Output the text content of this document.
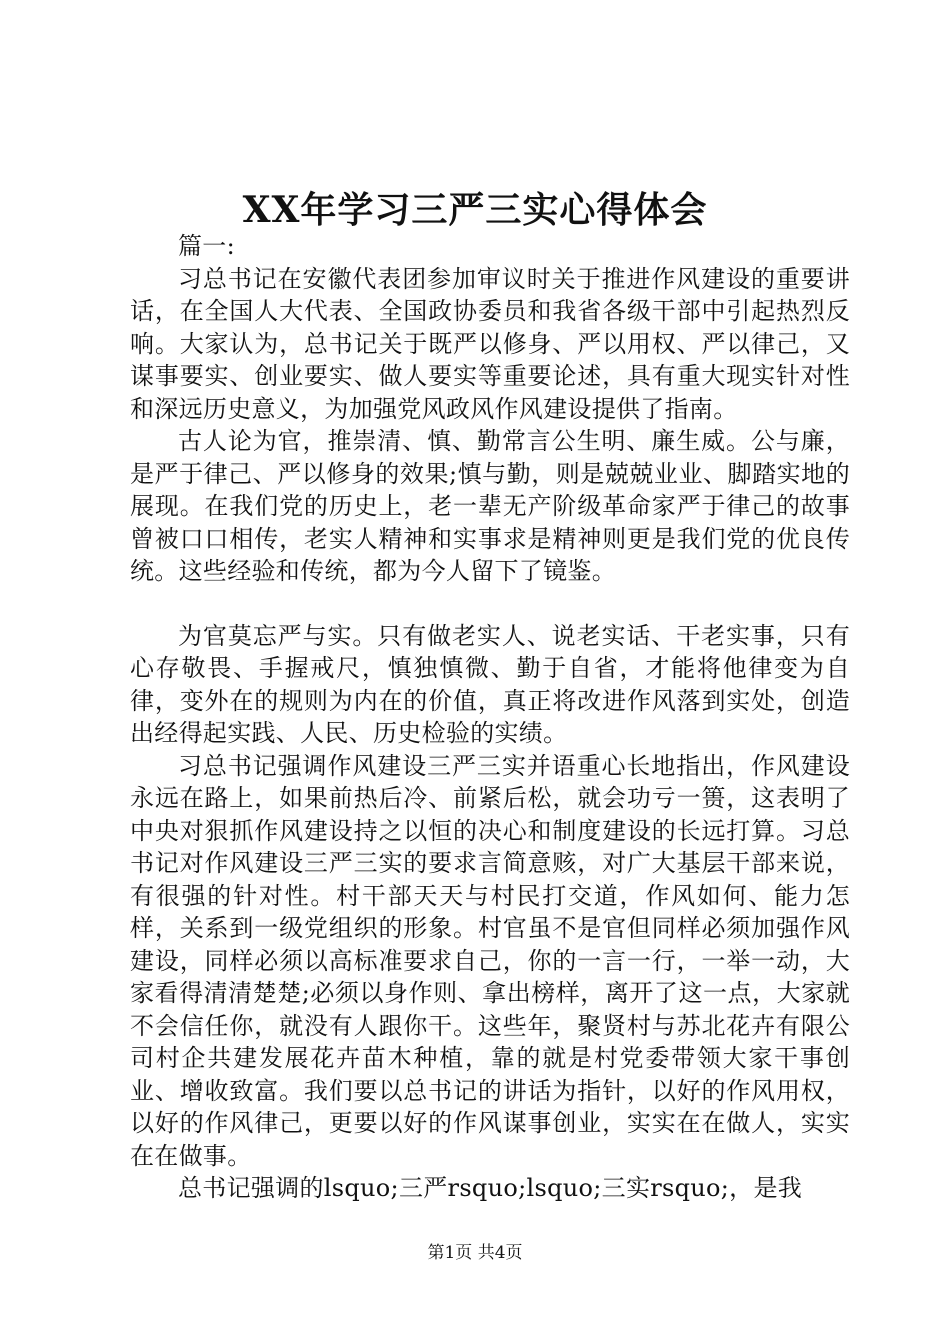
XX年学习三严三实心得体会

篇一:

习总书记在安徽代表团参加审议时关于推进作风建设的重要讲话，在全国人大代表、全国政协委员和我省各级干部中引起热烈反响。大家认为，总书记关于既严以修身、严以用权、严以律己，又谋事要实、创业要实、做人要实等重要论述，具有重大现实针对性和深远历史意义，为加强党风政风作风建设提供了指南。

古人论为官，推崇清、慎、勤常言公生明、廉生威。公与廉，是严于律己、严以修身的效果;慎与勤，则是兢兢业业、脚踏实地的展现。在我们党的历史上，老一辈无产阶级革命家严于律己的故事曾被口口相传，老实人精神和实事求是精神则更是我们党的优良传统。这些经验和传统，都为今人留下了镜鉴。

为官莫忘严与实。只有做老实人、说老实话、干老实事，只有心存敬畏、手握戒尺，慎独慎微、勤于自省，才能将他律变为自律，变外在的规则为内在的价值，真正将改进作风落到实处，创造出经得起实践、人民、历史检验的实绩。

习总书记强调作风建设三严三实并语重心长地指出，作风建设永远在路上，如果前热后冷、前紧后松，就会功亏一篑，这表明了中央对狠抓作风建设持之以恒的决心和制度建设的长远打算。习总书记对作风建设三严三实的要求言简意赅，对广大基层干部来说，有很强的针对性。村干部天天与村民打交道，作风如何、能力怎样，关系到一级党组织的形象。村官虽不是官但同样必须加强作风建设，同样必须以高标准要求自己，你的一言一行，一举一动，大家看得清清楚楚;必须以身作则、拿出榜样，离开了这一点，大家就不会信任你，就没有人跟你干。这些年，聚贤村与苏北花卉有限公司村企共建发展花卉苗木种植，靠的就是村党委带领大家干事创业、增收致富。我们要以总书记的讲话为指针，以好的作风用权，以好的作风律己，更要以好的作风谋事创业，实实在在做人，实实在在做事。

总书记强调的lsquo;三严rsquo;lsquo;三实rsquo;，是我

第1页 共4页
